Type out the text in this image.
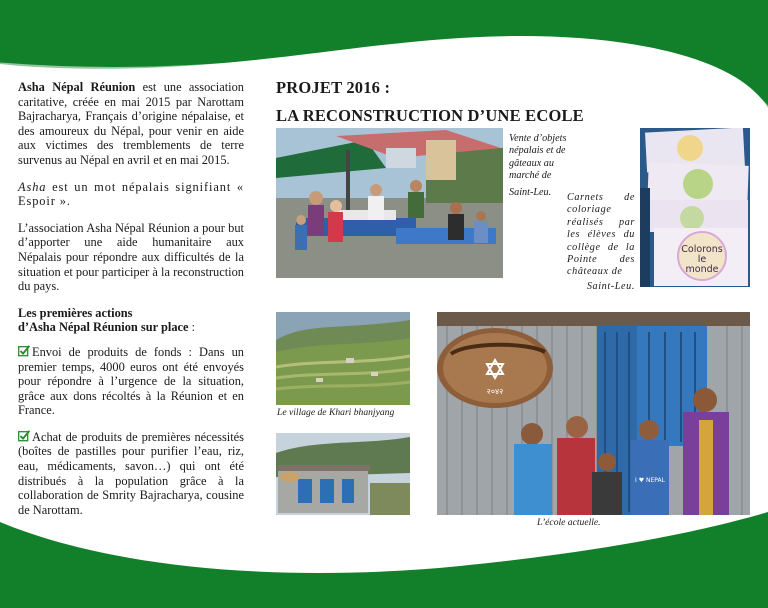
Asha Népal Réunion est une association caritative, créée en mai 2015 par Narottam Bajracharya, Français d’origine népalaise, et des amoureux du Népal, pour venir en aide aux victimes des tremblements de terre survenus au Népal en avril et en mai 2015.

Asha est un mot népalais signifiant « Espoir ».

L’association Asha Népal Réunion a pour but d’apporter une aide humanitaire aux Népalais pour répondre aux difficultés de la situation et pour participer à la reconstruction du pays.

Les premières actions
d’Asha Népal Réunion sur place :

Envoi de produits de fonds : Dans un premier temps, 4000 euros ont été envoyés pour répondre à l’urgence de la situation, grâce aux dons récoltés à la Réunion et en France.

Achat de produits de premières nécessités (boîtes de pastilles pour purifier l’eau, riz, eau, médicaments, savon…) qui ont été distribués à la population grâce à la collaboration de Smrity Bajracharya, cousine de Narottam.

PROJET 2016 :
LA RECONSTRUCTION D’UNE ECOLE
Colorons
le
monde
२०४२
I ♥ NEPAL
Vente d’objets népalais et de gâteaux au marché de
Saint-Leu.	Carnets de coloriage réalisés par les élèves du collège de la Pointe des châteaux de
Saint-Leu.

Le village de Khari bhanjyang

L’école actuelle.
